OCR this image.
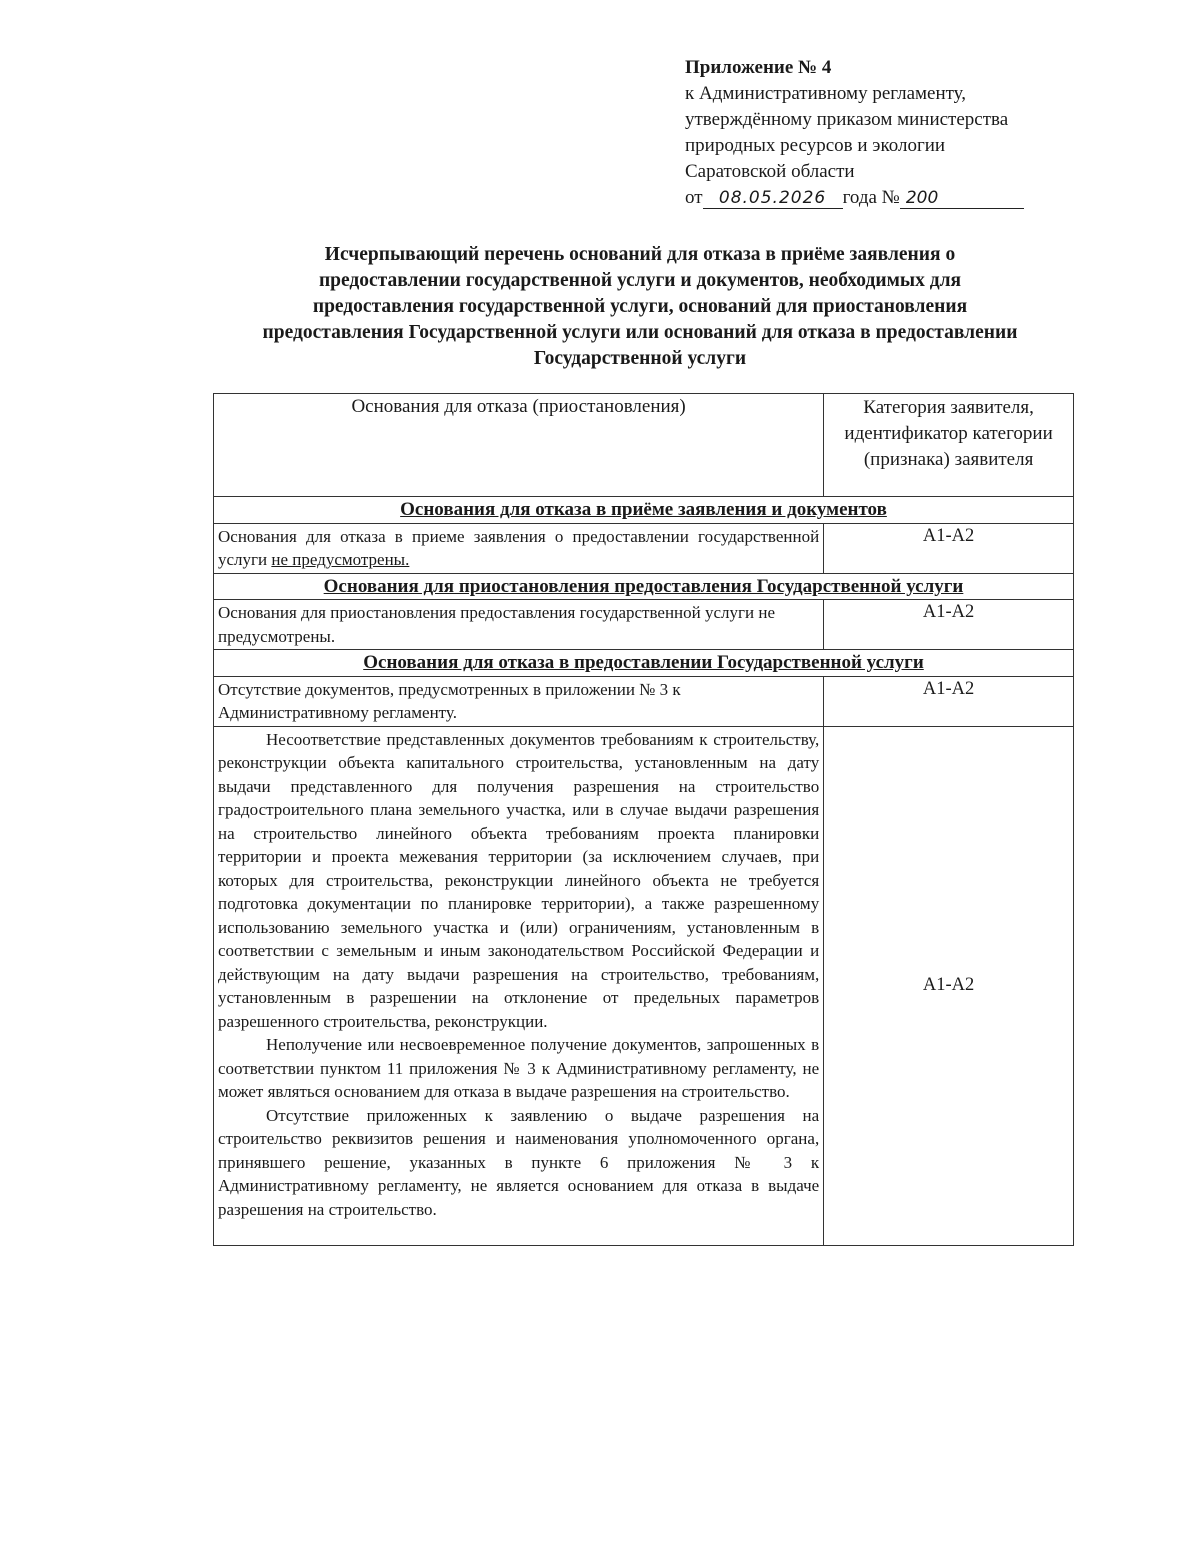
Приложение № 4
к Административному регламенту,
утверждённому приказом министерства
природных ресурсов и экологии
Саратовской области
от 08.05.2026 года № 200
Исчерпывающий перечень оснований для отказа в приёме заявления о
предоставлении государственной услуги и документов, необходимых для
предоставления государственной услуги, оснований для приостановления
предоставления Государственной услуги или оснований для отказа в предоставлении
Государственной услуги
Основания для отказа (приостановления)	Категория заявителя, идентификатор категории (признака) заявителя
Основания для отказа в приёме заявления и документов	
Основания для отказа в приеме заявления о предоставлении государственной услуги не предусмотрены.	А1-А2
Основания для приостановления предоставления Государственной услуги	
Основания для приостановления предоставления государственной услуги не предусмотрены.	А1-А2
Основания для отказа в предоставлении Государственной услуги	
Отсутствие документов, предусмотренных в приложении № 3 к Административному регламенту.	А1-А2

Несоответствие представленных документов требованиям к строительству, реконструкции объекта капитального строительства, установленным на дату выдачи представленного для получения разрешения на строительство градостроительного плана земельного участка, или в случае выдачи разрешения на строительство линейного объекта требованиям проекта планировки территории и проекта межевания территории (за исключением случаев, при которых для строительства, реконструкции линейного объекта не требуется подготовка документации по планировке территории), а также разрешенному использованию земельного участка и (или) ограничениям, установленным в соответствии с земельным и иным законодательством Российской Федерации и действующим на дату выдачи разрешения на строительство, требованиям, установленным в разрешении на отклонение от предельных параметров разрешенного строительства, реконструкции.

Неполучение или несвоевременное получение документов, запрошенных в соответствии пунктом 11 приложения № 3 к Административному регламенту, не может являться основанием для отказа в выдаче разрешения на строительство.

Отсутствие приложенных к заявлению о выдаче разрешения на строительство реквизитов решения и наименования уполномоченного органа, принявшего решение, указанных в пункте 6 приложения № 3 к Административному регламенту, не является основанием для отказа в выдаче разрешения на строительство.	А1-А2
